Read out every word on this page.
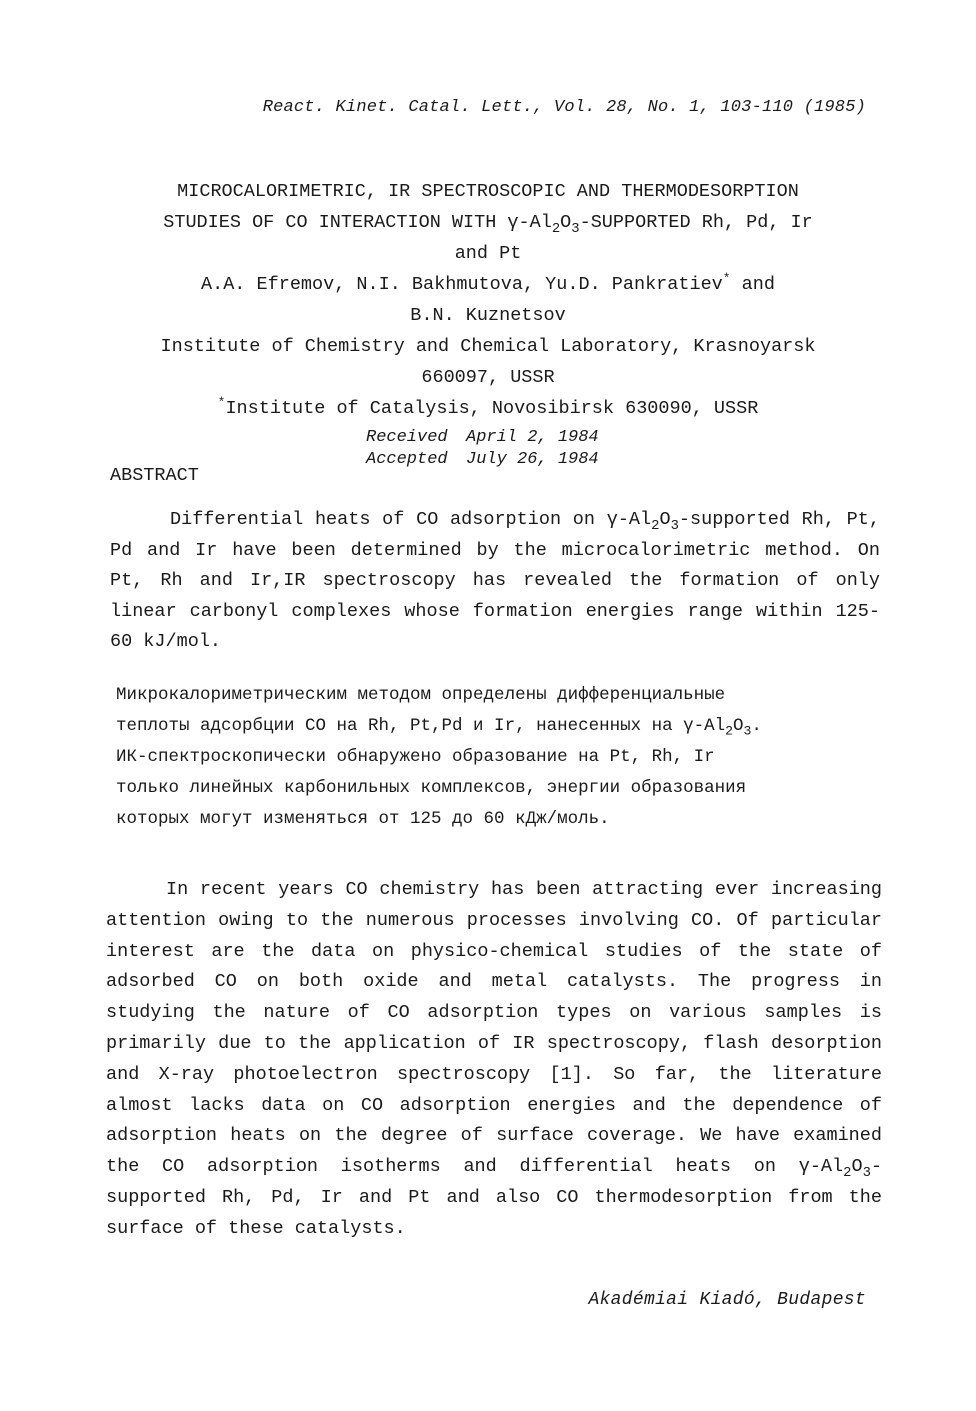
React. Kinet. Catal. Lett., Vol. 28, No. 1, 103-110 (1985)
MICROCALORIMETRIC, IR SPECTROSCOPIC AND THERMODESORPTION
STUDIES OF CO INTERACTION WITH $\gamma-Al_2O_3$-SUPPORTED Rh, Pd, Ir
and Pt
A.A. Efremov, N.I. Bakhmutova, Yu.D. Pankratiev* and
B.N. Kuznetsov
Institute of Chemistry and Chemical Laboratory, Krasnoyarsk
660097, USSR
*Institute of Catalysis, Novosibirsk 630090, USSR
Received April 2, 1984
Accepted July 26, 1984
ABSTRACT
Differential heats of CO adsorption on $\gamma-Al_2O_3$-supported Rh, Pt, Pd and Ir have been determined by the microcalorimetric method. On Pt, Rh and Ir,IR spectroscopy has revealed the formation of only linear carbonyl complexes whose formation energies range within 125-60 kJ/mol.
Микрокалориметрическим методом определены дифференциальные
теплоты адсорбции СО на Rh, Pt,Pd и Ir, нанесенных на $\gamma-Al_2O_3$.
ИК-спектроскопически обнаружено образование на Pt, Rh, Ir
только линейных карбонильных комплексов, энергии образования
которых могут изменяться от 125 до 60 кДж/моль.
In recent years CO chemistry has been attracting ever increasing attention owing to the numerous processes involving CO. Of particular interest are the data on physico-chemical studies of the state of adsorbed CO on both oxide and metal catalysts. The progress in studying the nature of CO adsorption types on various samples is primarily due to the application of IR spectroscopy, flash desorption and X-ray photoelectron spectroscopy [1]. So far, the literature almost lacks data on CO adsorption energies and the dependence of adsorption heats on the degree of surface coverage. We have examined the CO adsorption isotherms and differential heats on $\gamma-Al_2O_3$-supported Rh, Pd, Ir and Pt and also CO thermodesorption from the surface of these catalysts.
Akadémiai Kiadó, Budapest
